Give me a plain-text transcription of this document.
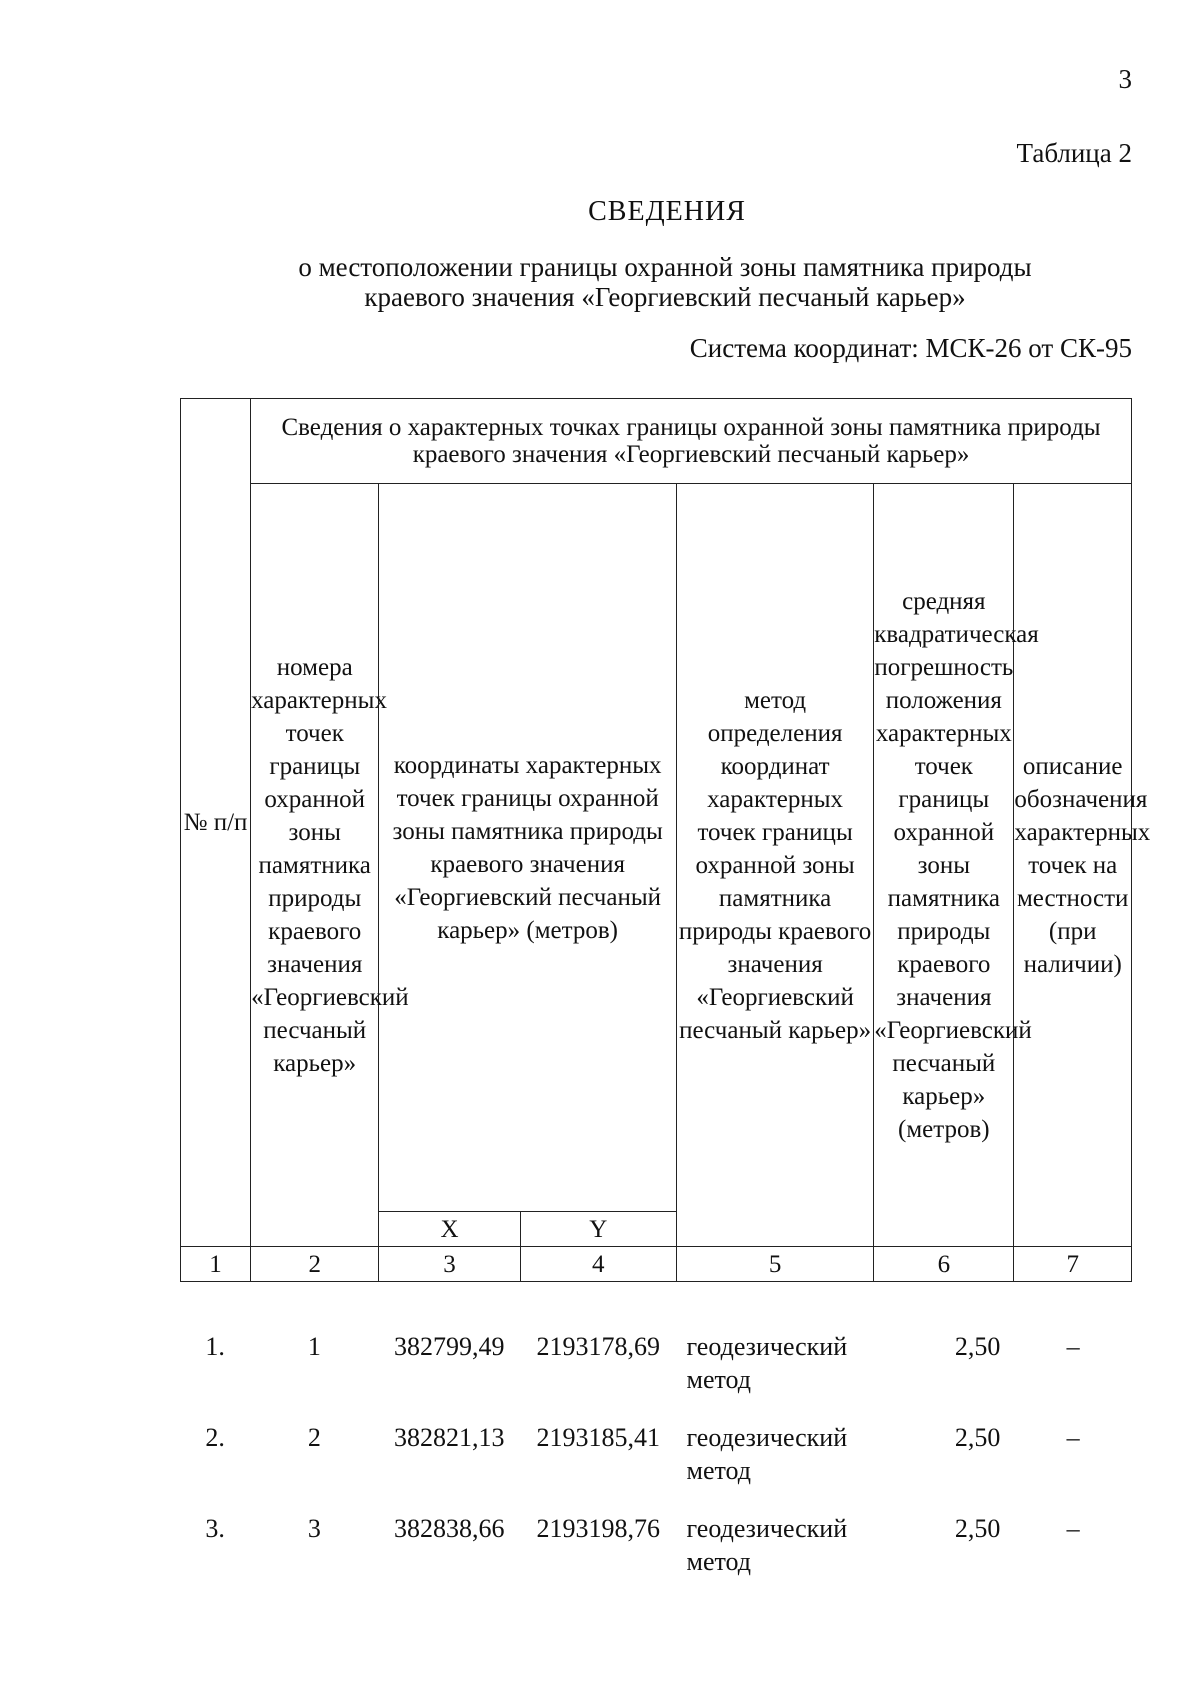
3
Таблица 2
СВЕДЕНИЯ
о местоположении границы охранной зоны памятника природы краевого значения «Георгиевский песчаный карьер»
Система координат: МСК-26 от СК-95
№ п/п	Сведения о характерных точках границы охранной зоны памятника природы краевого значения «Георгиевский песчаный карьер»					
	номера характерных точек границы охранной зоны памятника природы краевого значения «Георгиевский песчаный карьер»	координаты характерных точек границы охранной зоны памятника природы краевого значения «Георгиевский песчаный карьер» (метров)		метод определения координат характерных точек границы охранной зоны памятника природы краевого значения «Георгиевский песчаный карьер»	средняя квадратическая погрешность положения характерных точек границы охранной зоны памятника природы краевого значения «Георгиевский песчаный карьер» (метров)	описание обозначения характерных точек на местности (при наличии)
		X	Y			
1	2	3	4	5	6	7
1.	1	382799,49	2193178,69	геодезический метод	2,50	–
2.	2	382821,13	2193185,41	геодезический метод	2,50	–
3.	3	382838,66	2193198,76	геодезический метод	2,50	–
